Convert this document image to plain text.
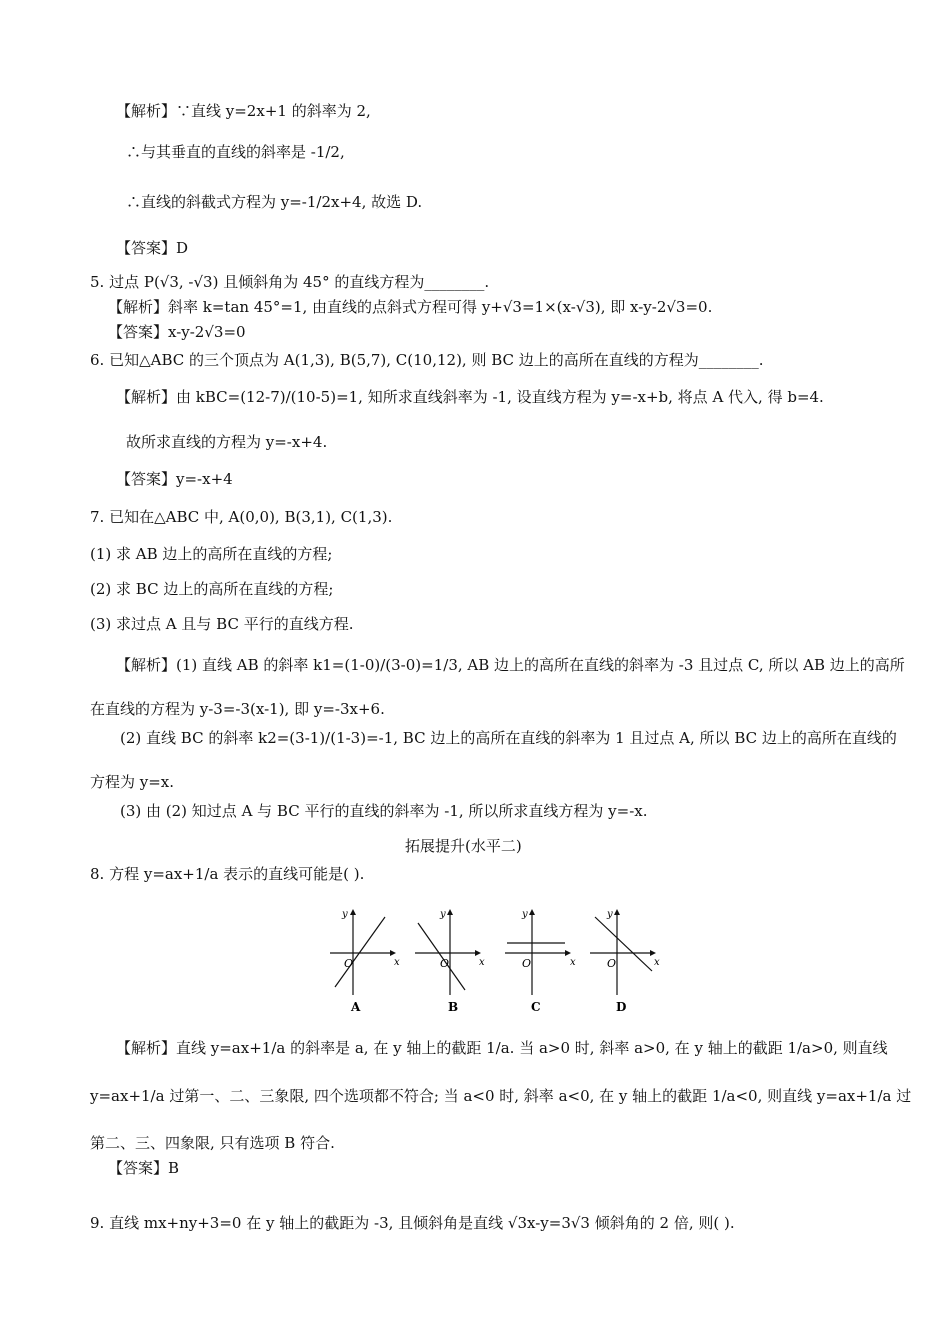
【解析】∵直线 y=2x+1 的斜率为 2,
∴与其垂直的直线的斜率是 -1/2,
∴直线的斜截式方程为 y=-1/2x+4, 故选 D.
【答案】D
5. 过点 P(√3, -√3) 且倾斜角为 45° 的直线方程为________.
【解析】斜率 k=tan 45°=1, 由直线的点斜式方程可得 y+√3=1×(x-√3), 即 x-y-2√3=0.
【答案】x-y-2√3=0
6. 已知△ABC 的三个顶点为 A(1,3), B(5,7), C(10,12), 则 BC 边上的高所在直线的方程为________.
【解析】由 kBC=(12-7)/(10-5)=1, 知所求直线斜率为 -1, 设直线方程为 y=-x+b, 将点 A 代入, 得 b=4.
故所求直线的方程为 y=-x+4.
【答案】y=-x+4
7. 已知在△ABC 中, A(0,0), B(3,1), C(1,3).
(1) 求 AB 边上的高所在直线的方程;
(2) 求 BC 边上的高所在直线的方程;
(3) 求过点 A 且与 BC 平行的直线方程.
【解析】(1) 直线 AB 的斜率 k1=(1-0)/(3-0)=1/3, AB 边上的高所在直线的斜率为 -3 且过点 C, 所以 AB 边上的高所
在直线的方程为 y-3=-3(x-1), 即 y=-3x+6.
(2) 直线 BC 的斜率 k2=(3-1)/(1-3)=-1, BC 边上的高所在直线的斜率为 1 且过点 A, 所以 BC 边上的高所在直线的
方程为 y=x.
(3) 由 (2) 知过点 A 与 BC 平行的直线的斜率为 -1, 所以所求直线方程为 y=-x.
拓展提升(水平二)
8. 方程 y=ax+1/a 表示的直线可能是( ).
O	x
y
A
O	x
y
B
O	x
y
C
O	x
y
D
【解析】直线 y=ax+1/a 的斜率是 a, 在 y 轴上的截距 1/a. 当 a>0 时, 斜率 a>0, 在 y 轴上的截距 1/a>0, 则直线
y=ax+1/a 过第一、二、三象限, 四个选项都不符合; 当 a<0 时, 斜率 a<0, 在 y 轴上的截距 1/a<0, 则直线 y=ax+1/a 过
第二、三、四象限, 只有选项 B 符合.
【答案】B
9. 直线 mx+ny+3=0 在 y 轴上的截距为 -3, 且倾斜角是直线 √3x-y=3√3 倾斜角的 2 倍, 则( ).
